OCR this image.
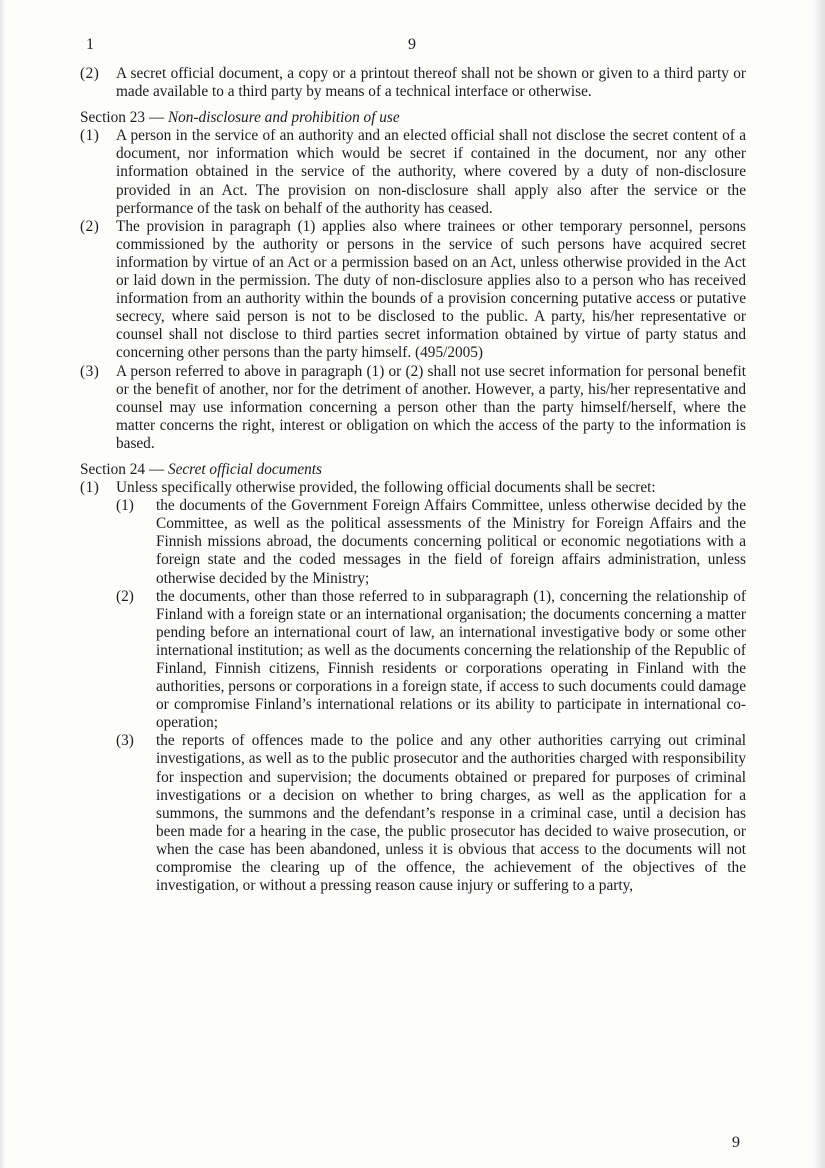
1	9
(2)	A secret official document, a copy or a printout thereof shall not be shown or given to a third party or made available to a third party by means of a technical interface or otherwise.
Section 23 — Non-disclosure and prohibition of use
(1)	A person in the service of an authority and an elected official shall not disclose the secret content of a document, nor information which would be secret if contained in the document, nor any other information obtained in the service of the authority, where covered by a duty of non-disclosure provided in an Act. The provision on non-disclosure shall apply also after the service or the performance of the task on behalf of the authority has ceased.
(2)	The provision in paragraph (1) applies also where trainees or other temporary personnel, persons commissioned by the authority or persons in the service of such persons have acquired secret information by virtue of an Act or a permission based on an Act, unless otherwise provided in the Act or laid down in the permission. The duty of non-disclosure applies also to a person who has received information from an authority within the bounds of a provision concerning putative access or putative secrecy, where said person is not to be disclosed to the public. A party, his/her representative or counsel shall not disclose to third parties secret information obtained by virtue of party status and concerning other persons than the party himself. (495/2005)
(3)	A person referred to above in paragraph (1) or (2) shall not use secret information for personal benefit or the benefit of another, nor for the detriment of another. However, a party, his/her representative and counsel may use information concerning a person other than the party himself/herself, where the matter concerns the right, interest or obligation on which the access of the party to the information is based.
Section 24 — Secret official documents
(1)	Unless specifically otherwise provided, the following official documents shall be secret:
(1)	the documents of the Government Foreign Affairs Committee, unless otherwise decided by the Committee, as well as the political assessments of the Ministry for Foreign Affairs and the Finnish missions abroad, the documents concerning political or economic negotiations with a foreign state and the coded messages in the field of foreign affairs administration, unless otherwise decided by the Ministry;
(2)	the documents, other than those referred to in subparagraph (1), concerning the relationship of Finland with a foreign state or an international organisation; the documents concerning a matter pending before an international court of law, an international investigative body or some other international institution; as well as the documents concerning the relationship of the Republic of Finland, Finnish citizens, Finnish residents or corporations operating in Finland with the authorities, persons or corporations in a foreign state, if access to such documents could damage or compromise Finland’s international relations or its ability to participate in international co-operation;
(3)	the reports of offences made to the police and any other authorities carrying out criminal investigations, as well as to the public prosecutor and the authorities charged with responsibility for inspection and supervision; the documents obtained or prepared for purposes of criminal investigations or a decision on whether to bring charges, as well as the application for a summons, the summons and the defendant’s response in a criminal case, until a decision has been made for a hearing in the case, the public prosecutor has decided to waive prosecution, or when the case has been abandoned, unless it is obvious that access to the documents will not compromise the clearing up of the offence, the achievement of the objectives of the investigation, or without a pressing reason cause injury or suffering to a party,
9
